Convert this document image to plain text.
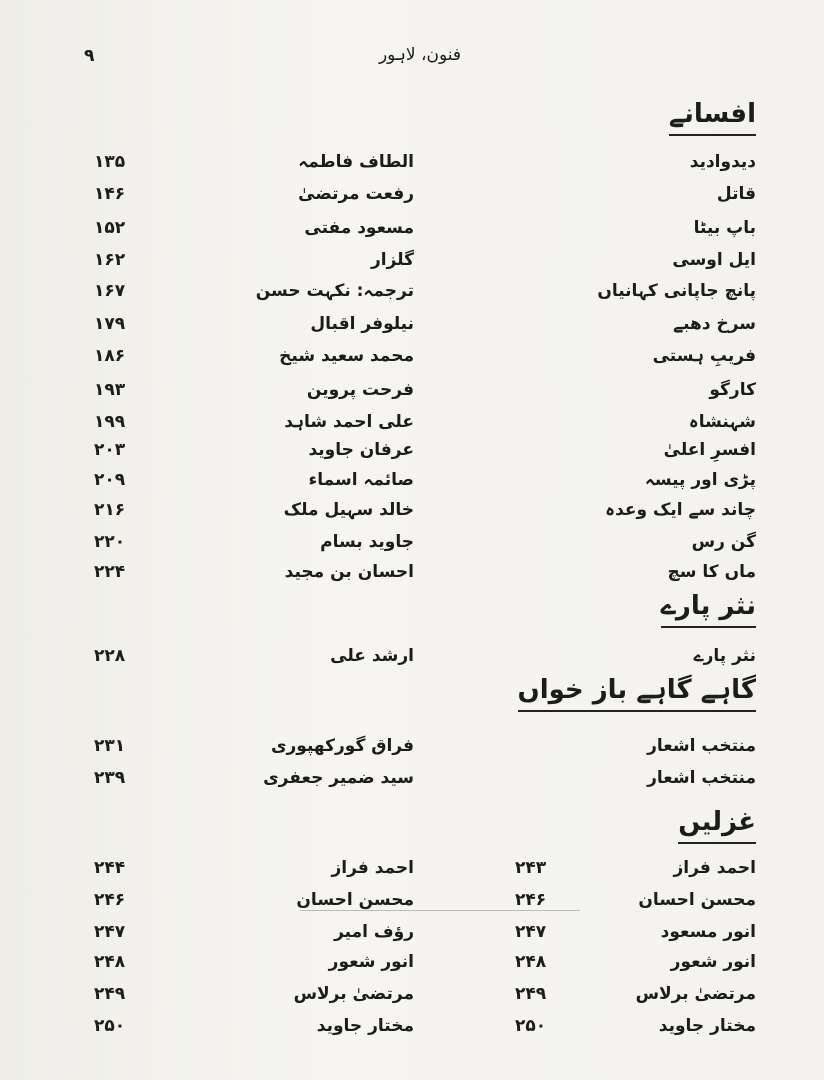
٩	فنون، لاہور
افسانے
دیدوادید
الطاف فاطمہ
۱۳۵
قاتل
رفعت مرتضیٰ
۱۴۶
باپ بیٹا
مسعود مفتی
۱۵۲
ایل اوسی
گلزار
۱۶۲
پانچ جاپانی کہانیاں
ترجمہ: نکہت حسن
۱۶۷
سرخ دھبے
نیلوفر اقبال
۱۷۹
فریبِ ہستی
محمد سعید شیخ
۱۸۶
کارگو
فرحت پروین
۱۹۳
شہنشاہ
علی احمد شاہد
۱۹۹
افسرِ اعلیٰ
عرفان جاوید
۲۰۳
پڑی اور پیسہ
صائمہ اسماء
۲۰۹
چاند سے ایک وعدہ
خالد سہیل ملک
۲۱۶
گن رس
جاوید بسام
۲۲۰
ماں کا سچ
احسان بن مجید
۲۲۴
نثر پارے
نثر پارے
ارشد علی
۲۲۸
گاہے گاہے باز خواں
منتخب اشعار
فراق گورکھپوری
۲۳۱
منتخب اشعار
سید ضمیر جعفری
۲۳۹
غزلیں
احمد فراز
۲۴۳
احمد فراز
۲۴۴
محسن احسان
۲۴۶
محسن احسان
۲۴۶
انور مسعود
۲۴۷
رؤف امیر
۲۴۷
انور شعور
۲۴۸
انور شعور
۲۴۸
مرتضیٰ برلاس
۲۴۹
مرتضیٰ برلاس
۲۴۹
مختار جاوید
۲۵۰
مختار جاوید
۲۵۰
